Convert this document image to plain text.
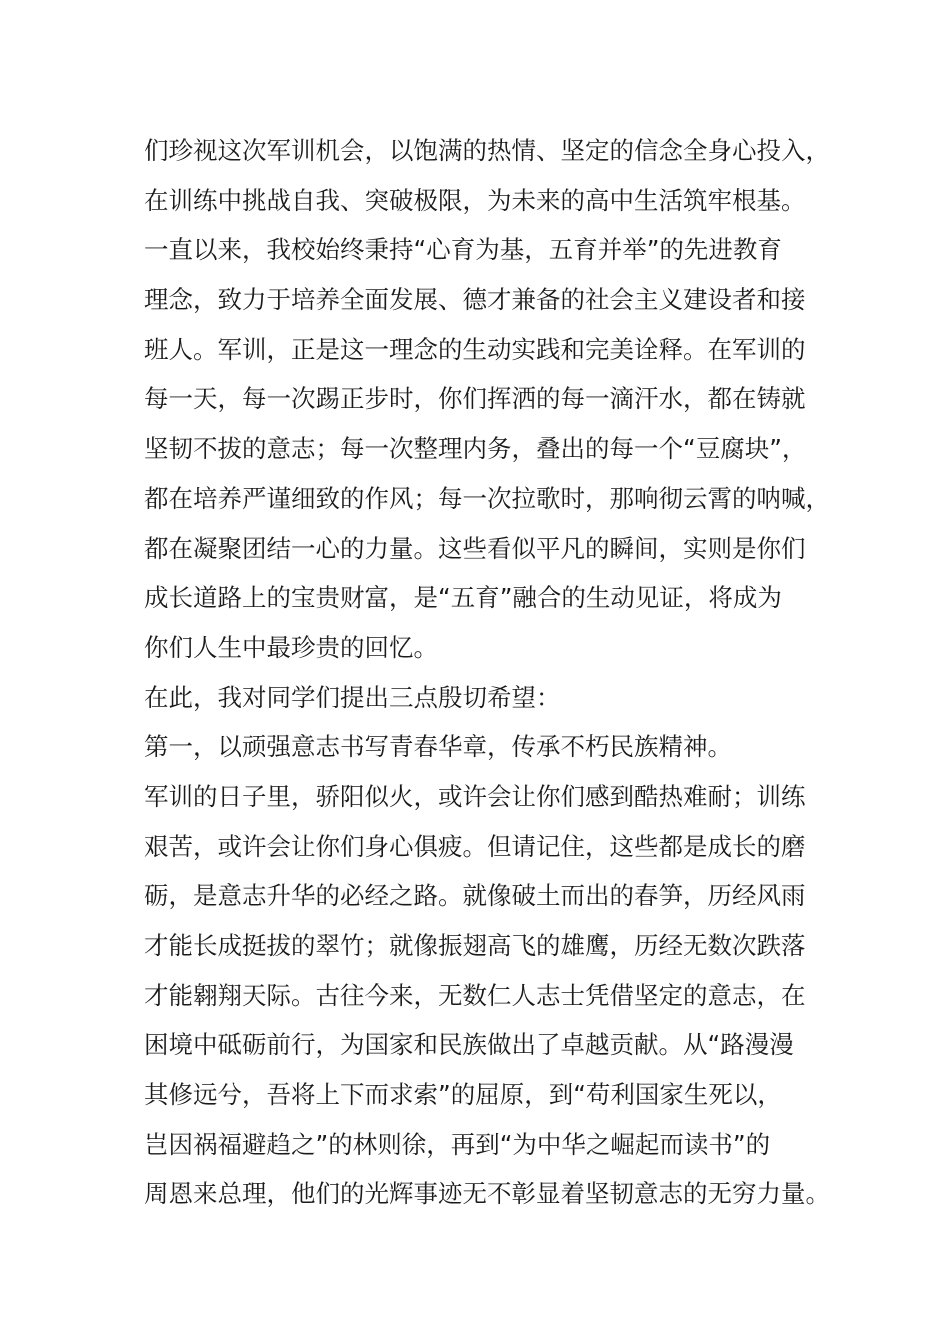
们珍视这次军训机会，以饱满的热情、坚定的信念全身心投入，
在训练中挑战自我、突破极限，为未来的高中生活筑牢根基。
一直以来，我校始终秉持“心育为基，五育并举”的先进教育
理念，致力于培养全面发展、德才兼备的社会主义建设者和接
班人。军训，正是这一理念的生动实践和完美诠释。在军训的
每一天，每一次踢正步时，你们挥洒的每一滴汗水，都在铸就
坚韧不拔的意志；每一次整理内务，叠出的每一个“豆腐块”，
都在培养严谨细致的作风；每一次拉歌时，那响彻云霄的呐喊，
都在凝聚团结一心的力量。这些看似平凡的瞬间，实则是你们
成长道路上的宝贵财富，是“五育”融合的生动见证，将成为
你们人生中最珍贵的回忆。
在此，我对同学们提出三点殷切希望：
第一，以顽强意志书写青春华章，传承不朽民族精神。
军训的日子里，骄阳似火，或许会让你们感到酷热难耐；训练
艰苦，或许会让你们身心俱疲。但请记住，这些都是成长的磨
砺，是意志升华的必经之路。就像破土而出的春笋，历经风雨
才能长成挺拔的翠竹；就像振翅高飞的雄鹰，历经无数次跌落
才能翱翔天际。古往今来，无数仁人志士凭借坚定的意志，在
困境中砥砺前行，为国家和民族做出了卓越贡献。从“路漫漫
其修远兮，吾将上下而求索”的屈原，到“苟利国家生死以，
岂因祸福避趋之”的林则徐，再到“为中华之崛起而读书”的
周恩来总理，他们的光辉事迹无不彰显着坚韧意志的无穷力量。
